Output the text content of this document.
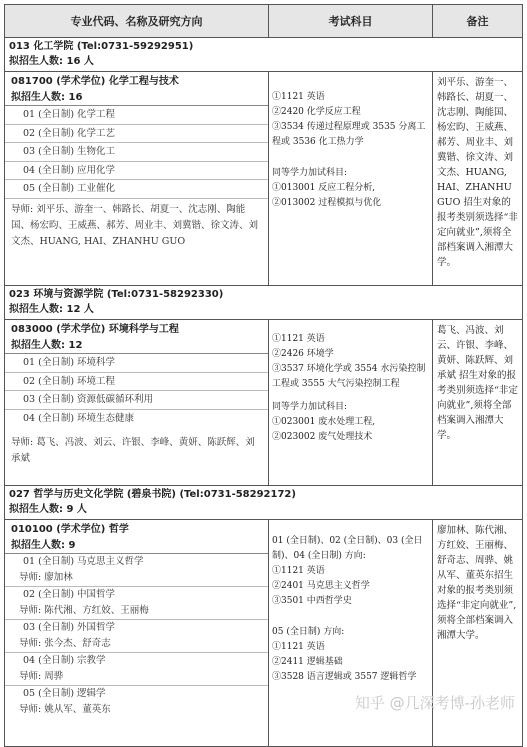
专业代码、名称及研究方向	考试科目	备注
013 化工学院 (Tel:0731-59292951)
拟招生人数: 16 人
081700 (学术学位) 化学工程与技术
拟招生人数: 16
01 (全日制) 化学工程
02 (全日制) 化学工艺
03 (全日制) 生物化工
04 (全日制) 应用化学
05 (全日制) 工业催化
导师: 刘平乐、游奎一、韩路长、胡夏一、沈志刚、陶能国、杨宏昀、王威燕、郝芳、周业丰、刘冀锴、徐文涛、刘文杰、HUANG, HAI、ZHANHU GUO
①1121 英语
②2420 化学反应工程
③3534 传递过程原理或 3535 分离工程或 3536 化工热力学
同等学力加试科目:
①013001 反应工程分析,
②013002 过程模拟与优化
刘平乐、游奎一、韩路长、胡夏一、沈志刚、陶能国、杨宏昀、王威燕、郝芳、周业丰、刘冀锴、徐文涛、刘文杰、HUANG, HAI、ZHANHU GUO 招生对象的报考类别须选择“非定向就业”,须将全部档案调入湘潭大学。
023 环境与资源学院 (Tel:0731-58292330)
拟招生人数: 12 人
083000 (学术学位) 环境科学与工程
拟招生人数: 12
01 (全日制) 环境科学
02 (全日制) 环境工程
03 (全日制) 资源低碳循环利用
04 (全日制) 环境生态健康
导师: 葛飞、冯波、刘云、许银、李峰、黄妍、陈跃辉、刘承斌
①1121 英语
②2426 环境学
③3537 环境化学或 3554 水污染控制工程或 3555 大气污染控制工程
同等学力加试科目:
①023001 废水处理工程,
②023002 废气处理技术
葛飞、冯波、刘云、许银、李峰、黄妍、陈跃辉、刘承斌 招生对象的报考类别须选择“非定向就业”,须将全部档案调入湘潭大学。
027 哲学与历史文化学院 (碧泉书院) (Tel:0731-58292172)
拟招生人数: 9 人
010100 (学术学位) 哲学
拟招生人数: 9
01 (全日制) 马克思主义哲学
导师: 廖加林
02 (全日制) 中国哲学
导师: 陈代湘、方红姣、王丽梅
03 (全日制) 外国哲学
导师: 张今杰、舒奇志
04 (全日制) 宗教学
导师: 周骅
05 (全日制) 逻辑学
导师: 姚从军、董英东
01 (全日制)、02 (全日制)、03 (全日制)、04 (全日制) 方向:
①1121 英语
②2401 马克思主义哲学
③3501 中西哲学史
05 (全日制) 方向:
①1121 英语
②2411 逻辑基础
③3528 语言逻辑或 3557 逻辑哲学
廖加林、陈代湘、方红姣、王丽梅、舒奇志、周骅、姚从军、董英东招生对象的报考类别须选择“非定向就业”,须将全部档案调入湘潭大学。
知乎 @几深考博-孙老师
